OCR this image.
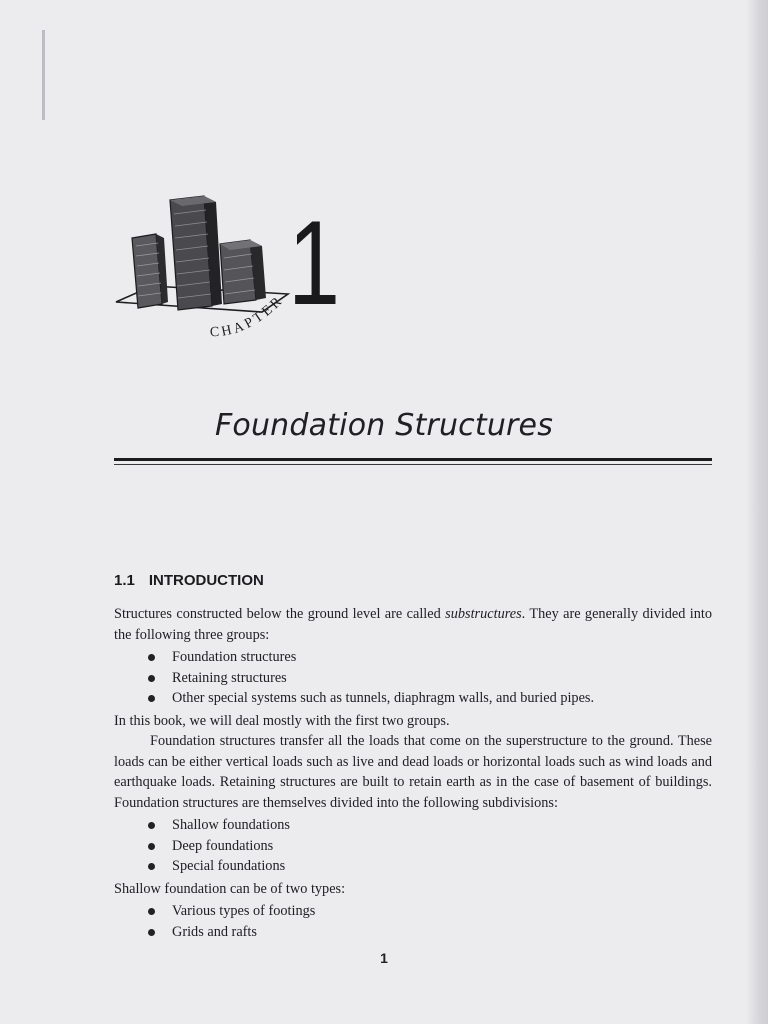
CHAPTER 1
Foundation Structures
1.1 INTRODUCTION

Structures constructed below the ground level are called substructures. They are generally divided into the following three groups:

Foundation structures
Retaining structures
Other special systems such as tunnels, diaphragm walls, and buried pipes.

In this book, we will deal mostly with the first two groups.

Foundation structures transfer all the loads that come on the superstructure to the ground. These loads can be either vertical loads such as live and dead loads or horizontal loads such as wind loads and earthquake loads. Retaining structures are built to retain earth as in the case of basement of buildings. Foundation structures are themselves divided into the following subdivisions:

Shallow foundations
Deep foundations
Special foundations

Shallow foundation can be of two types:

Various types of footings
Grids and rafts
1
